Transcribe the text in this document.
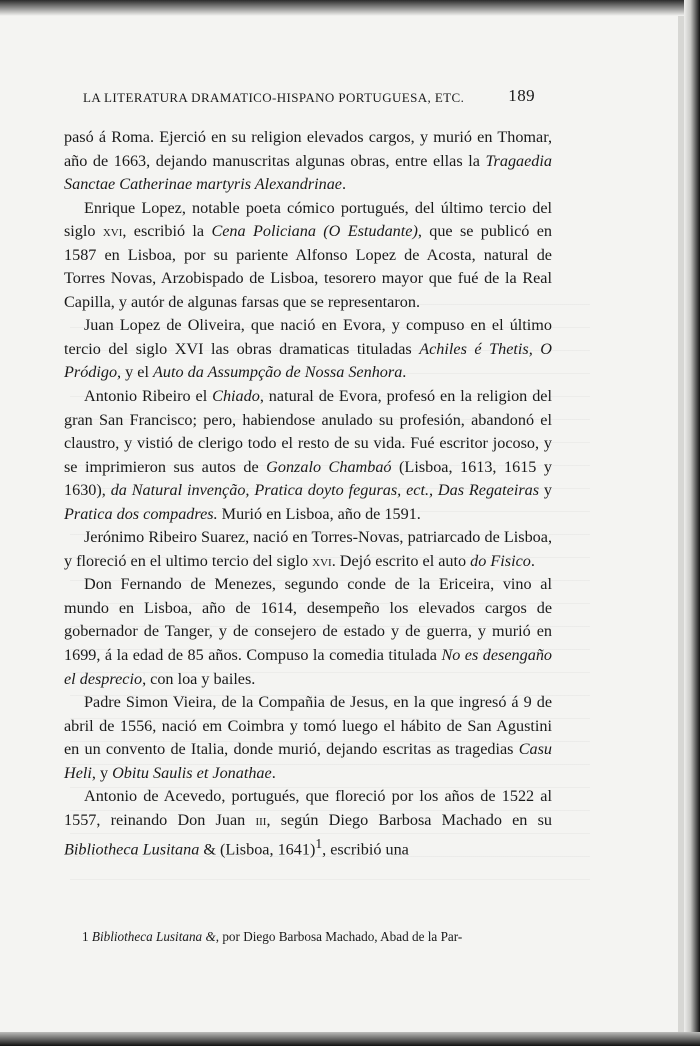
LA LITERATURA DRAMATICO-HISPANO PORTUGUESA, ETC.	189

pasó á Roma. Ejerció en su religion elevados cargos, y murió en Thomar, año de 1663, dejando manuscritas algunas obras, entre ellas la Tragaedia Sanctae Catherinae martyris Alexandrinae.

Enrique Lopez, notable poeta cómico portugués, del último tercio del siglo xvi, escribió la Cena Policiana (O Estudante), que se publicó en 1587 en Lisboa, por su pariente Alfonso Lopez de Acosta, natural de Torres Novas, Arzobispado de Lisboa, tesorero mayor que fué de la Real Capilla, y autór de algunas farsas que se representaron.

Juan Lopez de Oliveira, que nació en Evora, y compuso en el último tercio del siglo XVI las obras dramaticas tituladas Achiles é Thetis, O Pródigo, y el Auto da Assumpção de Nossa Senhora.

Antonio Ribeiro el Chiado, natural de Evora, profesó en la religion del gran San Francisco; pero, habiendose anulado su profesión, abandonó el claustro, y vistió de clerigo todo el resto de su vida. Fué escritor jocoso, y se imprimieron sus autos de Gonzalo Chambaó (Lisboa, 1613, 1615 y 1630), da Natural invenção, Pratica doyto feguras, ect., Das Regateiras y Pratica dos compadres. Murió en Lisboa, año de 1591.

Jerónimo Ribeiro Suarez, nació en Torres-Novas, patriarcado de Lisboa, y floreció en el ultimo tercio del siglo xvi. Dejó escrito el auto do Fisico.

Don Fernando de Menezes, segundo conde de la Ericeira, vino al mundo en Lisboa, año de 1614, desempeño los elevados cargos de gobernador de Tanger, y de consejero de estado y de guerra, y murió en 1699, á la edad de 85 años. Compuso la comedia titulada No es desengaño el desprecio, con loa y bailes.

Padre Simon Vieira, de la Compañia de Jesus, en la que ingresó á 9 de abril de 1556, nació em Coimbra y tomó luego el hábito de San Agustini en un convento de Italia, donde murió, dejando escritas as tragedias Casu Heli, y Obitu Saulis et Jonathae.

Antonio de Acevedo, portugués, que floreció por los años de 1522 al 1557, reinando Don Juan iii, según Diego Barbosa Machado en su Bibliotheca Lusitana & (Lisboa, 1641)$^1$, escribió una

1 Bibliotheca Lusitana &, por Diego Barbosa Machado, Abad de la Par-
